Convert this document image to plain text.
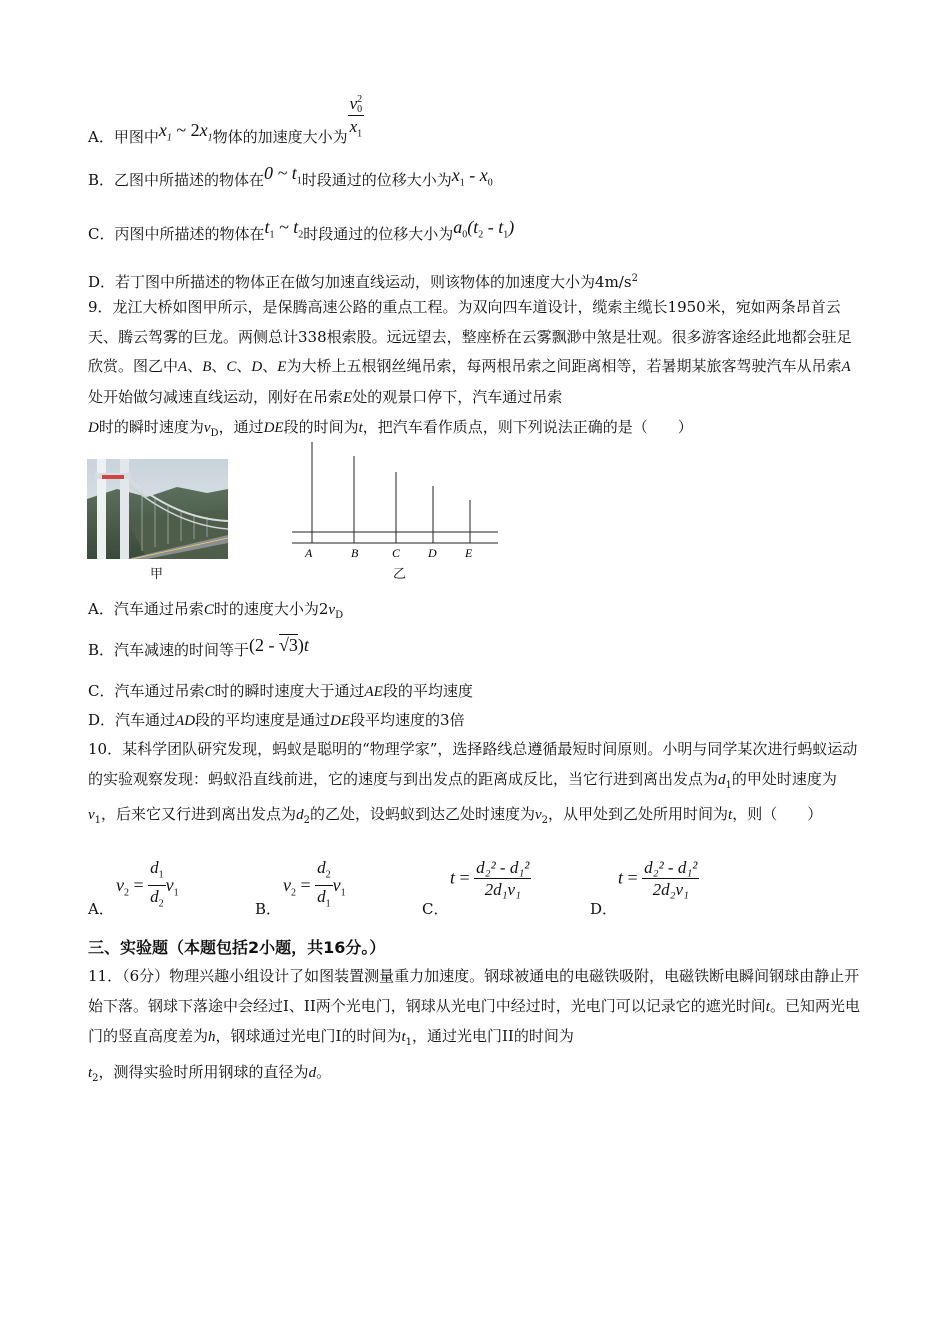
A．甲图中$x_1$ ~ $2x_1$物体的加速度大小为 v 2
0
$x_1$
B．乙图中所描述的物体在0 ~ $t_1$时段通过的位移大小为$x_1 - x_0$
C．丙图中所描述的物体在$t_1$ ~ $t_2$时段通过的位移大小为$a_0(t_2 - t_1)$
D．若丁图中所描述的物体正在做匀加速直线运动，则该物体的加速度大小为$4m/s^2$
9．龙江大桥如图甲所示，是保腾高速公路的重点工程。为双向四车道设计，缆索主缆长1950米，宛如两条昂首云天、腾云驾雾的巨龙。两侧总计338根索股。远远望去，整座桥在云雾飘渺中煞是壮观。很多游客途经此地都会驻足欣赏。图乙中A、B、C、D、E为大桥上五根钢丝绳吊索，每两根吊索之间距离相等，若暑期某旅客驾驶汽车从吊索A处开始做匀减速直线运动，刚好在吊索E处的观景口停下，汽车通过吊索
D时的瞬时速度为$v_D$，通过DE段的时间为t，把汽车看作质点，则下列说法正确的是（　　）
甲
A	B	C D E
乙
A．汽车通过吊索C时的速度大小为$2v_D$
B．汽车减速的时间等于(2 - √3)t
C．汽车通过吊索C时的瞬时速度大于通过AE段的平均速度
D．汽车通过AD段的平均速度是通过DE段平均速度的3倍
10．某科学团队研究发现，蚂蚁是聪明的“物理学家”，选择路线总遵循最短时间原则。小明与同学某次进行蚂蚁运动的实验观察发现：蚂蚁沿直线前进，它的速度与到出发点的距离成反比，当它行进到离出发点为$d_1$的甲处时速度为$v_1$，后来它又行进到离出发点为$d_2$的乙处，设蚂蚁到达乙处时速度为$v_2$，从甲处到乙处所用时间为t，则（　　）
A．
$v_2 = \frac{d_1}{d_2} v_1$
B．
$v_2 = \frac{d_2}{d_1} v_1$
C．
$t = \frac{\text{d₂² - d₁²}}{\text{2d₁v₁}}$
D．
$t = \frac{\text{d₂² - d₁²}}{\text{2d₂v₁}}$
三、实验题（本题包括2小题，共16分。）
11．（6分）物理兴趣小组设计了如图装置测量重力加速度。钢球被通电的电磁铁吸附，电磁铁断电瞬间钢球由静止开始下落。钢球下落途中会经过I、II两个光电门，钢球从光电门中经过时，光电门可以记录它的遮光时间t。已知两光电门的竖直高度差为h，钢球通过光电门I的时间为$t_1$，通过光电门II的时间为
$t_2$，测得实验时所用钢球的直径为d。
